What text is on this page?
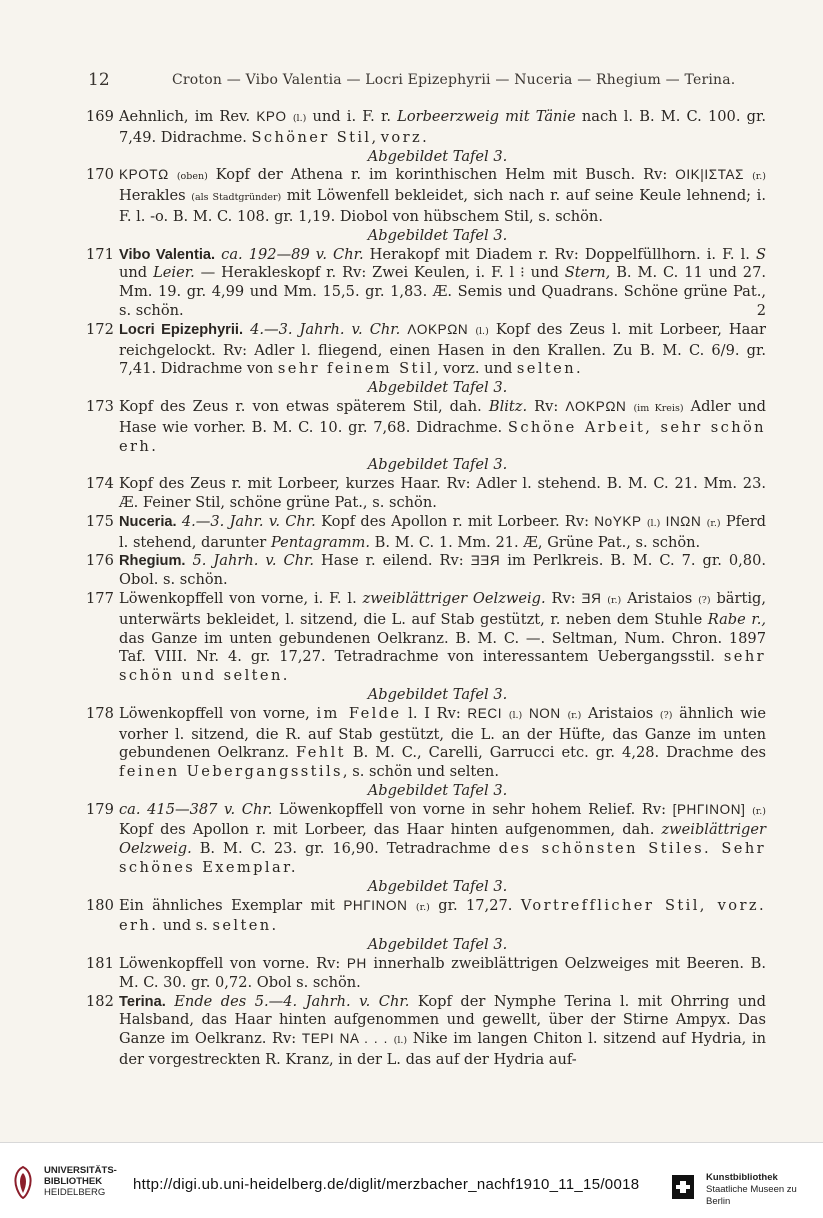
12	Croton — Vibo Valentia — Locri Epizephyrii — Nuceria — Rhegium — Terina.
169 Aehnlich, im Rev. KPO (l.) und i. F. r. Lorbeerzweig mit Tänie nach l. B. M. C. 100. gr. 7,49. Didrachme. Schöner Stil, vorz.

Abgebildet Tafel 3.

170 KPOTΩ (oben) Kopf der Athena r. im korinthischen Helm mit Busch. Rv: OIK|IΣTAΣ (r.) Herakles (als Stadtgründer) mit Löwenfell bekleidet, sich nach r. auf seine Keule lehnend; i. F. l. -o. B. M. C. 108. gr. 1,19. Diobol von hübschem Stil, s. schön.

Abgebildet Tafel 3.

171 Vibo Valentia. ca. 192—89 v. Chr. Herakopf mit Diadem r. Rv: Doppelfüllhorn. i. F. l. S und Leier. — Herakleskopf r. Rv: Zwei Keulen, i. F. l ⁝ und Stern, B. M. C. 11 und 27. Mm. 19. gr. 4,99 und Mm. 15,5. gr. 1,83. Æ. Semis und Quadrans. Schöne grüne Pat., s. schön.	2

172 Locri Epizephyrii. 4.—3. Jahrh. v. Chr. ΛOKPΩN (l.) Kopf des Zeus l. mit Lorbeer, Haar reichgelockt. Rv: Adler l. fliegend, einen Hasen in den Krallen. Zu B. M. C. 6/9. gr. 7,41. Didrachme von sehr feinem Stil, vorz. und selten.

Abgebildet Tafel 3.

173 Kopf des Zeus r. von etwas späterem Stil, dah. Blitz. Rv: ΛOKPΩN (im Kreis) Adler und Hase wie vorher. B. M. C. 10. gr. 7,68. Didrachme. Schöne Arbeit, sehr schön erh.

Abgebildet Tafel 3.

174 Kopf des Zeus r. mit Lorbeer, kurzes Haar. Rv: Adler l. stehend. B. M. C. 21. Mm. 23. Æ. Feiner Stil, schöne grüne Pat., s. schön.

175 Nuceria. 4.—3. Jahr. v. Chr. Kopf des Apollon r. mit Lorbeer. Rv: NoYKP (l.) INΩN (r.) Pferd l. stehend, darunter Pentagramm. B. M. C. 1. Mm. 21. Æ, Grüne Pat., s. schön.

176 Rhegium. 5. Jahrh. v. Chr. Hase r. eilend. Rv: ƎƎЯ im Perlkreis. B. M. C. 7. gr. 0,80. Obol. s. schön.

177 Löwenkopffell von vorne, i. F. l. zweiblättriger Oelzweig. Rv: ƎЯ (r.) Aristaios (?) bärtig, unterwärts bekleidet, l. sitzend, die L. auf Stab gestützt, r. neben dem Stuhle Rabe r., das Ganze im unten gebundenen Oelkranz. B. M. C. —. Seltman, Num. Chron. 1897 Taf. VIII. Nr. 4. gr. 17,27. Tetradrachme von interessantem Uebergangsstil. sehr schön und selten.

Abgebildet Tafel 3.

178 Löwenkopffell von vorne, im Felde l. I Rv: RECI (l.) NON (r.) Aristaios (?) ähnlich wie vorher l. sitzend, die R. auf Stab gestützt, die L. an der Hüfte, das Ganze im unten gebundenen Oelkranz. Fehlt B. M. C., Carelli, Garrucci etc. gr. 4,28. Drachme des feinen Uebergangsstils, s. schön und selten.

Abgebildet Tafel 3.

179 ca. 415—387 v. Chr. Löwenkopffell von vorne in sehr hohem Relief. Rv: [PHΓINON] (r.) Kopf des Apollon r. mit Lorbeer, das Haar hinten aufgenommen, dah. zweiblättriger Oelzweig. B. M. C. 23. gr. 16,90. Tetradrachme des schönsten Stiles. Sehr schönes Exemplar.

Abgebildet Tafel 3.

180 Ein ähnliches Exemplar mit PHΓINON (r.) gr. 17,27. Vortrefflicher Stil, vorz. erh. und s. selten.

Abgebildet Tafel 3.

181 Löwenkopffell von vorne. Rv: PH innerhalb zweiblättrigen Oelzweiges mit Beeren. B. M. C. 30. gr. 0,72. Obol s. schön.

182 Terina. Ende des 5.—4. Jahrh. v. Chr. Kopf der Nymphe Terina l. mit Ohrring und Halsband, das Haar hinten aufgenommen und gewellt, über der Stirne Ampyx. Das Ganze im Oelkranz. Rv: TEPI NA . . . (l.) Nike im langen Chiton l. sitzend auf Hydria, in der vorgestreckten R. Kranz, in der L. das auf der Hydria auf-

UNIVERSITÄTS-
BIBLIOTHEK
HEIDELBERG	http://digi.ub.uni-heidelberg.de/diglit/merzbacher_nachf1910_11_15/0018	Kunstbibliothek
Staatliche Museen zu Berlin
